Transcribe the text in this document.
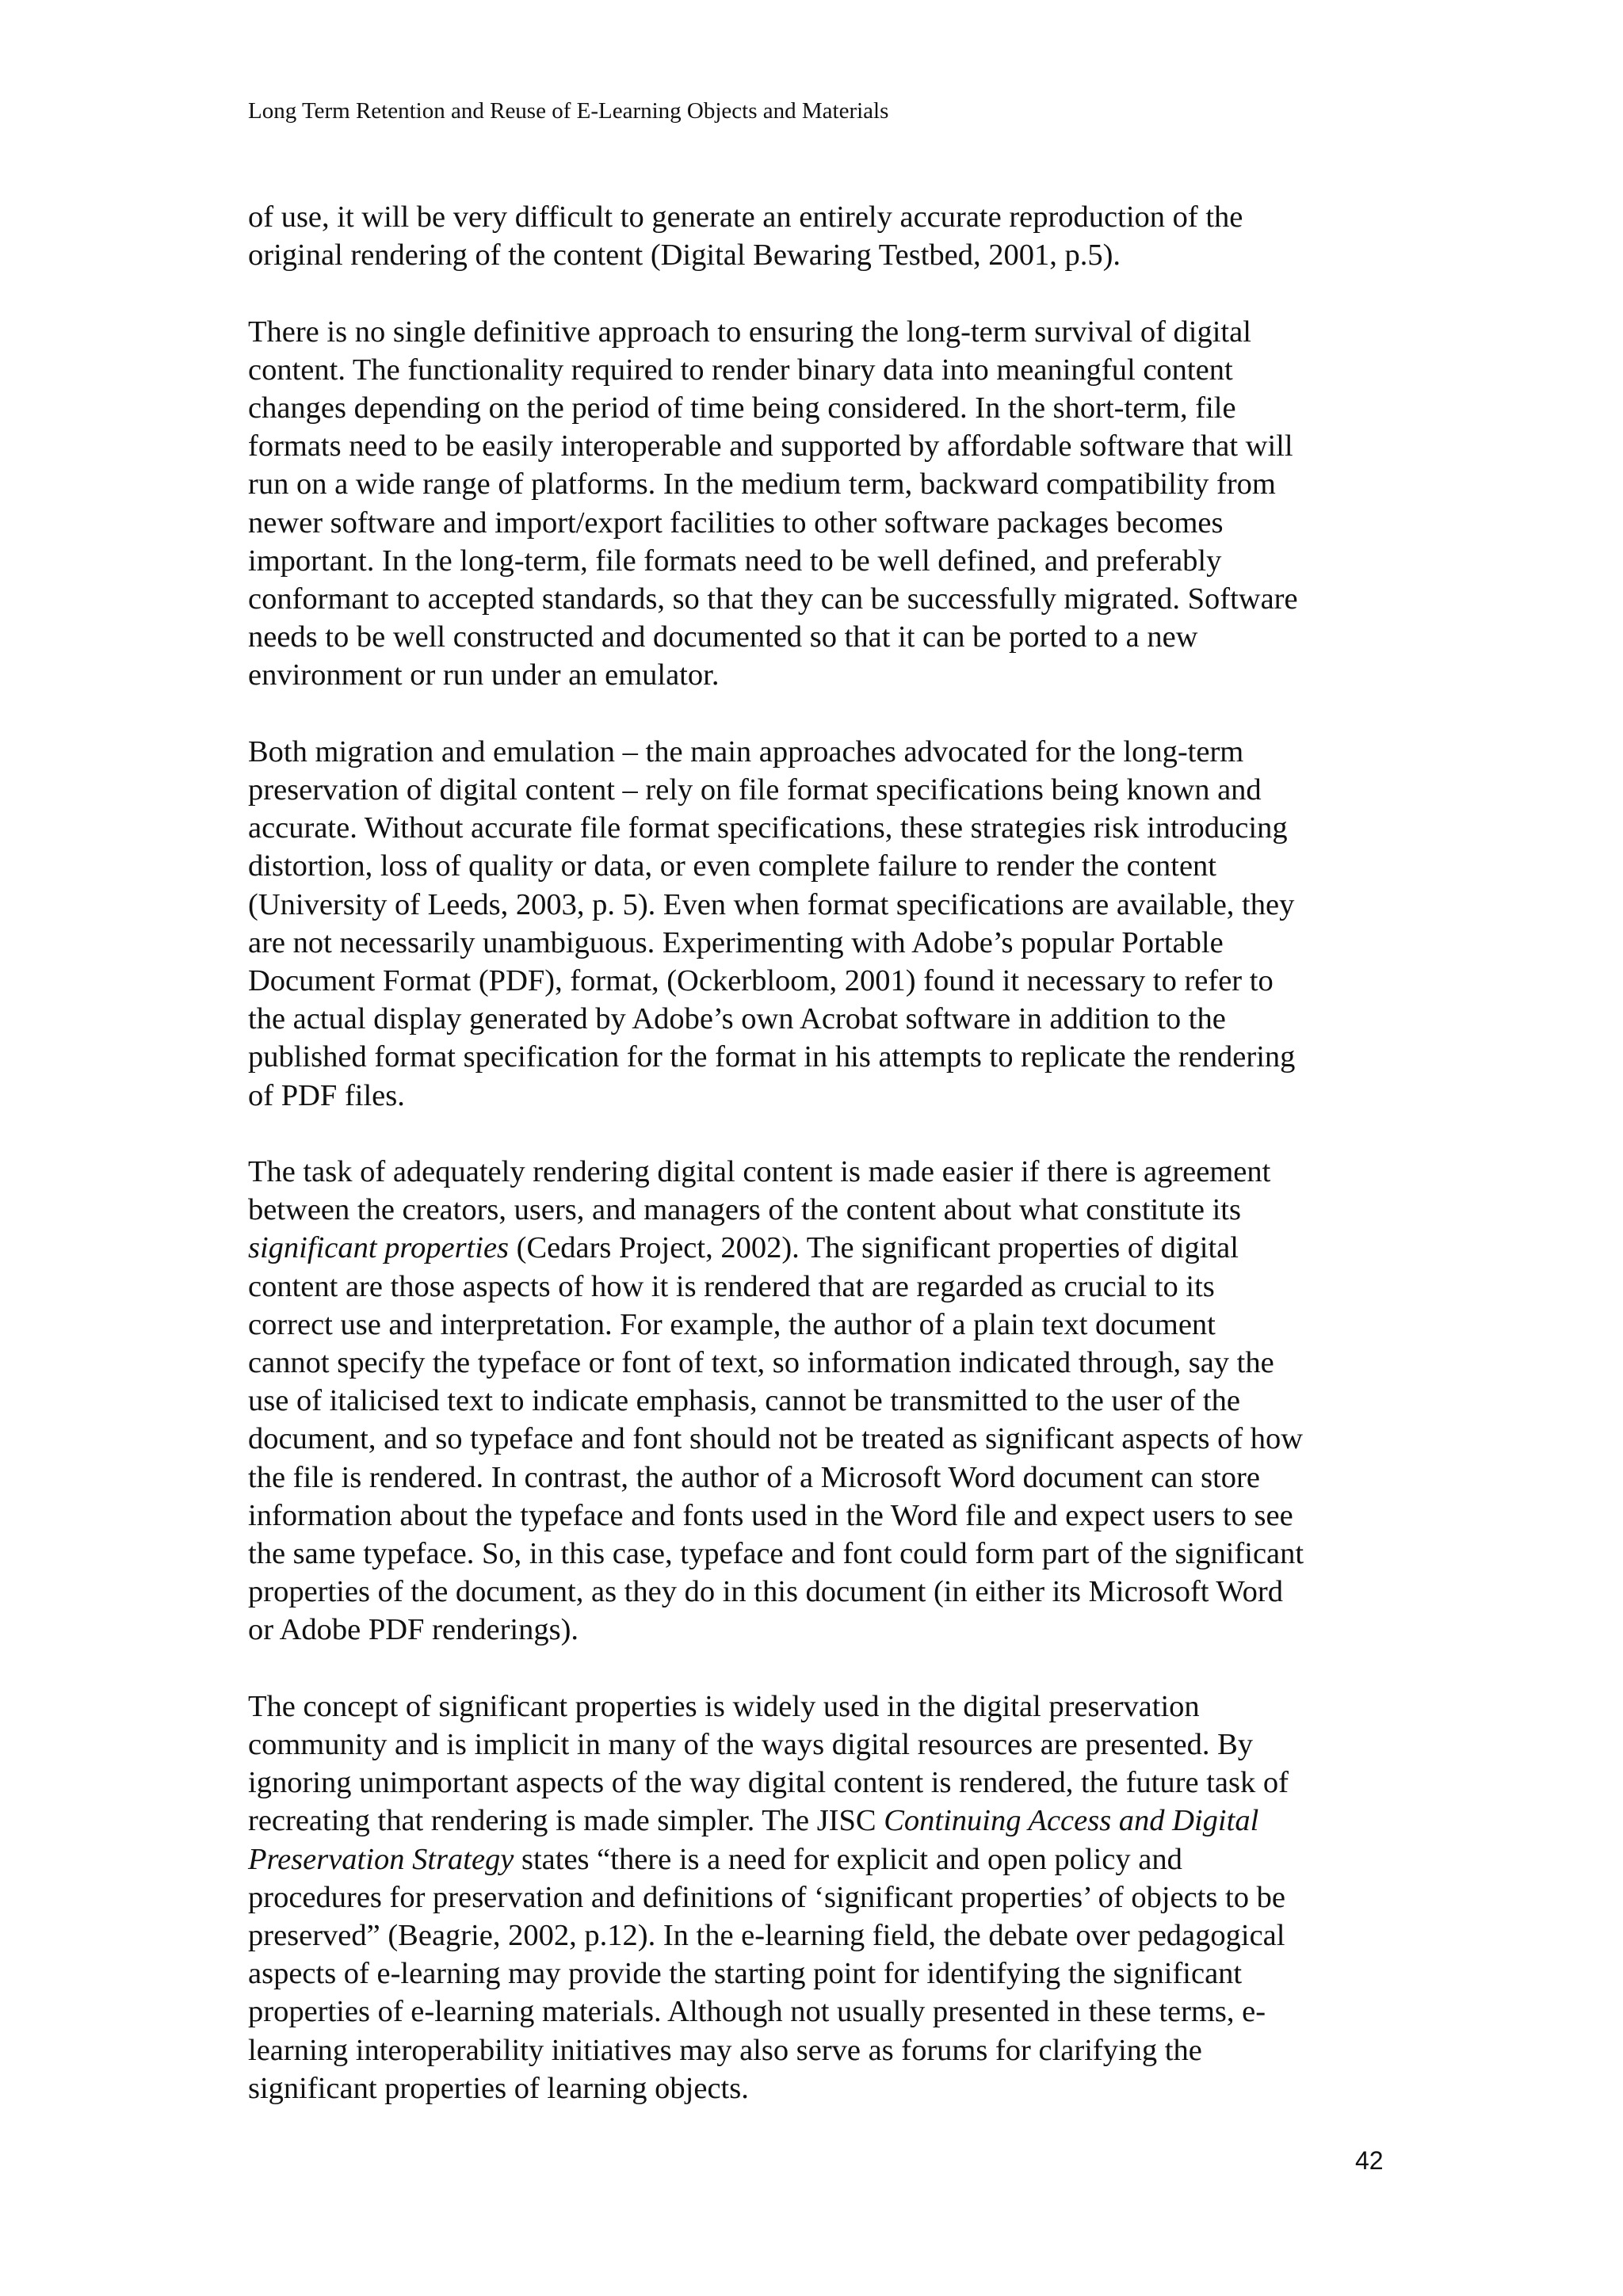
Long Term Retention and Reuse of E-Learning Objects and Materials

of use, it will be very difficult to generate an entirely accurate reproduction of the
original rendering of the content (Digital Bewaring Testbed, 2001, p.5).

There is no single definitive approach to ensuring the long-term survival of digital
content. The functionality required to render binary data into meaningful content
changes depending on the period of time being considered. In the short-term, file
formats need to be easily interoperable and supported by affordable software that will
run on a wide range of platforms. In the medium term, backward compatibility from
newer software and import/export facilities to other software packages becomes
important. In the long-term, file formats need to be well defined, and preferably
conformant to accepted standards, so that they can be successfully migrated. Software
needs to be well constructed and documented so that it can be ported to a new
environment or run under an emulator.

Both migration and emulation – the main approaches advocated for the long-term
preservation of digital content – rely on file format specifications being known and
accurate. Without accurate file format specifications, these strategies risk introducing
distortion, loss of quality or data, or even complete failure to render the content
(University of Leeds, 2003, p. 5). Even when format specifications are available, they
are not necessarily unambiguous. Experimenting with Adobe’s popular Portable
Document Format (PDF), format, (Ockerbloom, 2001) found it necessary to refer to
the actual display generated by Adobe’s own Acrobat software in addition to the
published format specification for the format in his attempts to replicate the rendering
of PDF files.

The task of adequately rendering digital content is made easier if there is agreement
between the creators, users, and managers of the content about what constitute its
significant properties (Cedars Project, 2002). The significant properties of digital
content are those aspects of how it is rendered that are regarded as crucial to its
correct use and interpretation. For example, the author of a plain text document
cannot specify the typeface or font of text, so information indicated through, say the
use of italicised text to indicate emphasis, cannot be transmitted to the user of the
document, and so typeface and font should not be treated as significant aspects of how
the file is rendered. In contrast, the author of a Microsoft Word document can store
information about the typeface and fonts used in the Word file and expect users to see
the same typeface. So, in this case, typeface and font could form part of the significant
properties of the document, as they do in this document (in either its Microsoft Word
or Adobe PDF renderings).

The concept of significant properties is widely used in the digital preservation
community and is implicit in many of the ways digital resources are presented. By
ignoring unimportant aspects of the way digital content is rendered, the future task of
recreating that rendering is made simpler. The JISC Continuing Access and Digital
Preservation Strategy states “there is a need for explicit and open policy and
procedures for preservation and definitions of ‘significant properties’ of objects to be
preserved” (Beagrie, 2002, p.12). In the e-learning field, the debate over pedagogical
aspects of e-learning may provide the starting point for identifying the significant
properties of e-learning materials. Although not usually presented in these terms, e-
learning interoperability initiatives may also serve as forums for clarifying the
significant properties of learning objects.

42
